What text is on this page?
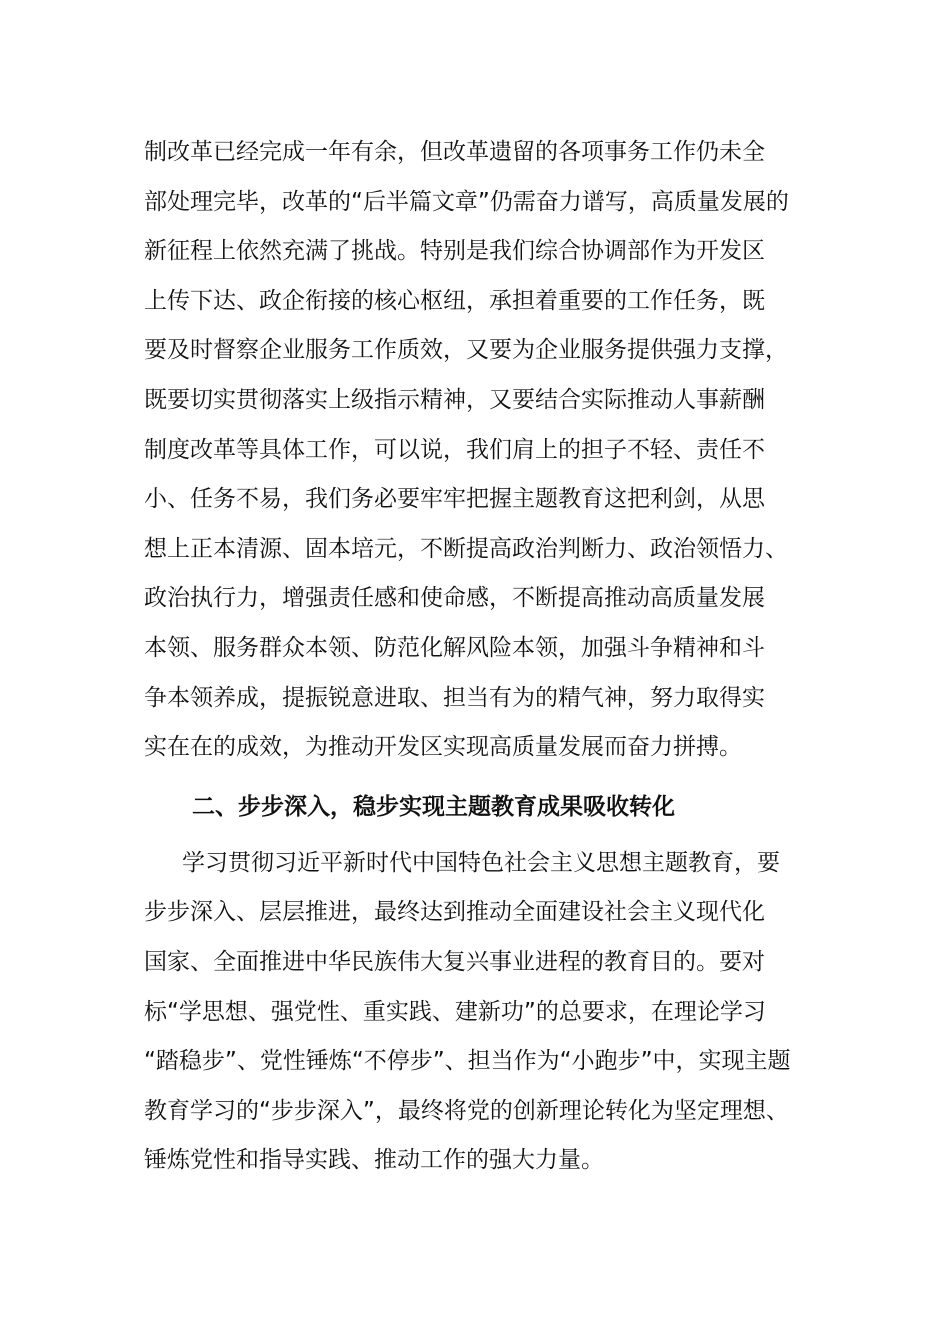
制改革已经完成一年有余，但改革遗留的各项事务工作仍未全
部处理完毕，改革的“后半篇文章”仍需奋力谱写，高质量发展的
新征程上依然充满了挑战。特别是我们综合协调部作为开发区
上传下达、政企衔接的核心枢纽，承担着重要的工作任务，既
要及时督察企业服务工作质效，又要为企业服务提供强力支撑，
既要切实贯彻落实上级指示精神，又要结合实际推动人事薪酬
制度改革等具体工作，可以说，我们肩上的担子不轻、责任不
小、任务不易，我们务必要牢牢把握主题教育这把利剑，从思
想上正本清源、固本培元，不断提高政治判断力、政治领悟力、
政治执行力，增强责任感和使命感，不断提高推动高质量发展
本领、服务群众本领、防范化解风险本领，加强斗争精神和斗
争本领养成，提振锐意进取、担当有为的精气神，努力取得实
实在在的成效，为推动开发区实现高质量发展而奋力拼搏。
二、步步深入，稳步实现主题教育成果吸收转化
学习贯彻习近平新时代中国特色社会主义思想主题教育，要
步步深入、层层推进，最终达到推动全面建设社会主义现代化
国家、全面推进中华民族伟大复兴事业进程的教育目的。要对
标“学思想、强党性、重实践、建新功”的总要求，在理论学习
“踏稳步”、党性锤炼“不停步”、担当作为“小跑步”中，实现主题
教育学习的“步步深入”，最终将党的创新理论转化为坚定理想、
锤炼党性和指导实践、推动工作的强大力量。
